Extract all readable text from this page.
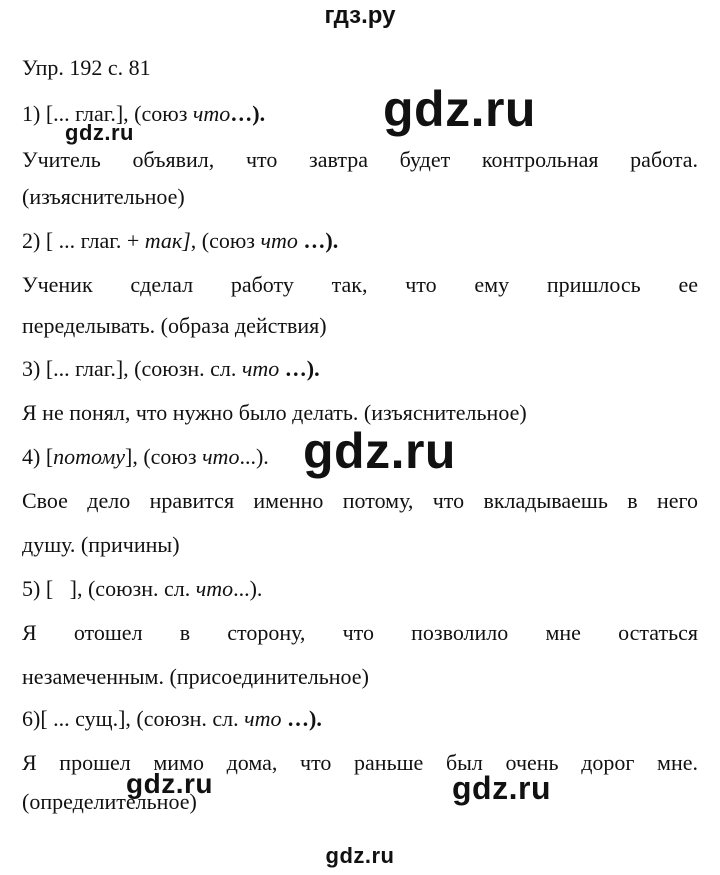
гдз.ру
Упр. 192 с. 81
1) [... глаг.], (союз что…).
Учитель объявил, что завтра будет контрольная работа.
(изъяснительное)
2) [ ... глаг. + так], (союз что …).
Ученик сделал работу так, что ему пришлось ее
переделывать. (образа действия)
3) [... глаг.], (союзн. сл. что …).
Я не понял, что нужно было делать. (изъяснительное)
4) [потому], (союз что...).
Свое дело нравится именно потому, что вкладываешь в него
душу. (причины)
5) [   ], (союзн. сл. что...).
Я отошел в сторону, что позволило мне остаться
незамеченным. (присоединительное)
6)[ ... сущ.], (союзн. сл. что …).
Я прошел мимо дома, что раньше был очень дорог мне.
(определительное)
gdz.ru
gdz.ru
gdz.ru
gdz.ru	gdz.ru
gdz.ru
